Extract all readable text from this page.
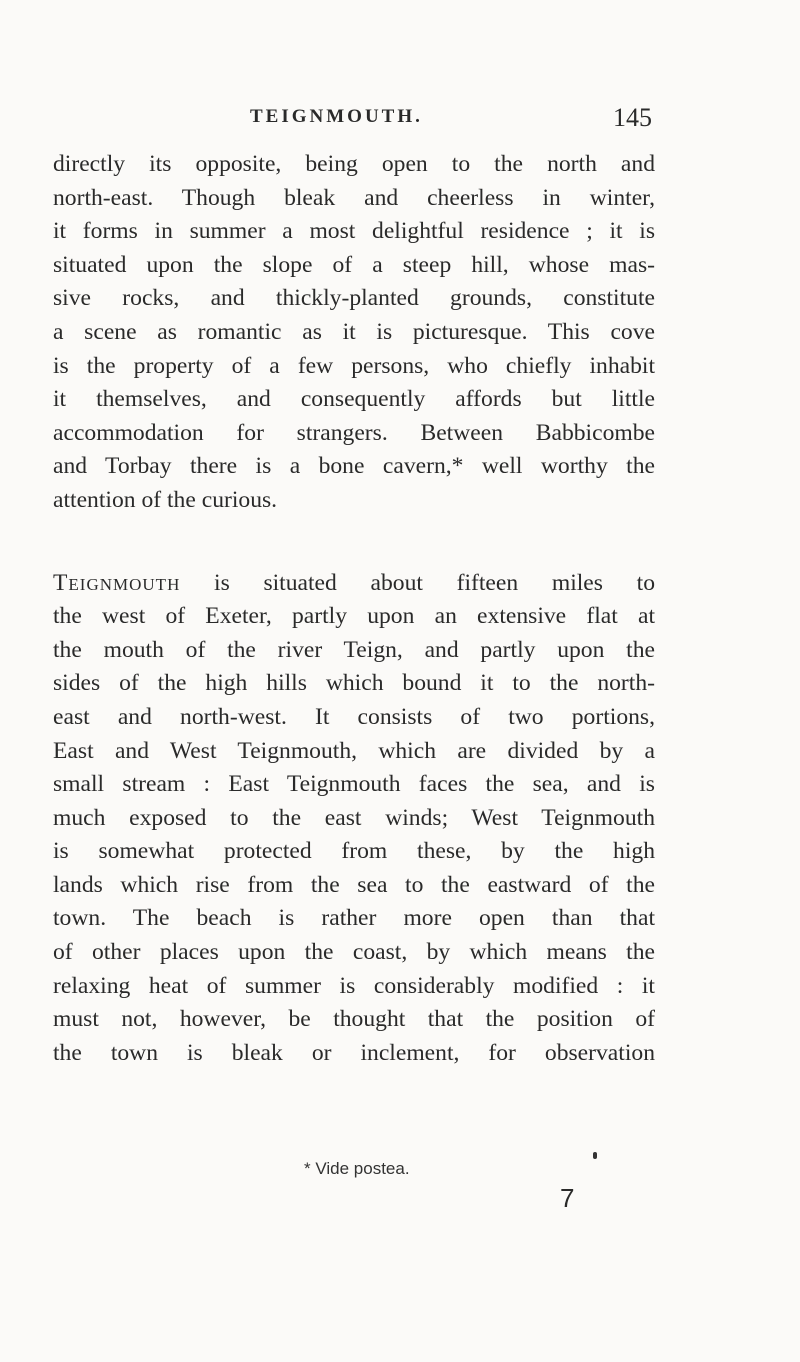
TEIGNMOUTH.	145
directly its opposite, being open to the north and
north-east. Though bleak and cheerless in winter,
it forms in summer a most delightful residence ; it is
situated upon the slope of a steep hill, whose mas-
sive rocks, and thickly-planted grounds, constitute
a scene as romantic as it is picturesque. This cove
is the property of a few persons, who chiefly inhabit
it themselves, and consequently affords but little
accommodation for strangers. Between Babbicombe
and Torbay there is a bone cavern,* well worthy the
attention of the curious.
Teignmouth is situated about fifteen miles to
the west of Exeter, partly upon an extensive flat at
the mouth of the river Teign, and partly upon the
sides of the high hills which bound it to the north-
east and north-west. It consists of two portions,
East and West Teignmouth, which are divided by a
small stream : East Teignmouth faces the sea, and is
much exposed to the east winds; West Teignmouth
is somewhat protected from these, by the high
lands which rise from the sea to the eastward of the
town. The beach is rather more open than that
of other places upon the coast, by which means the
relaxing heat of summer is considerably modified : it
must not, however, be thought that the position of
the town is bleak or inclement, for observation
* Vide postea.
7
